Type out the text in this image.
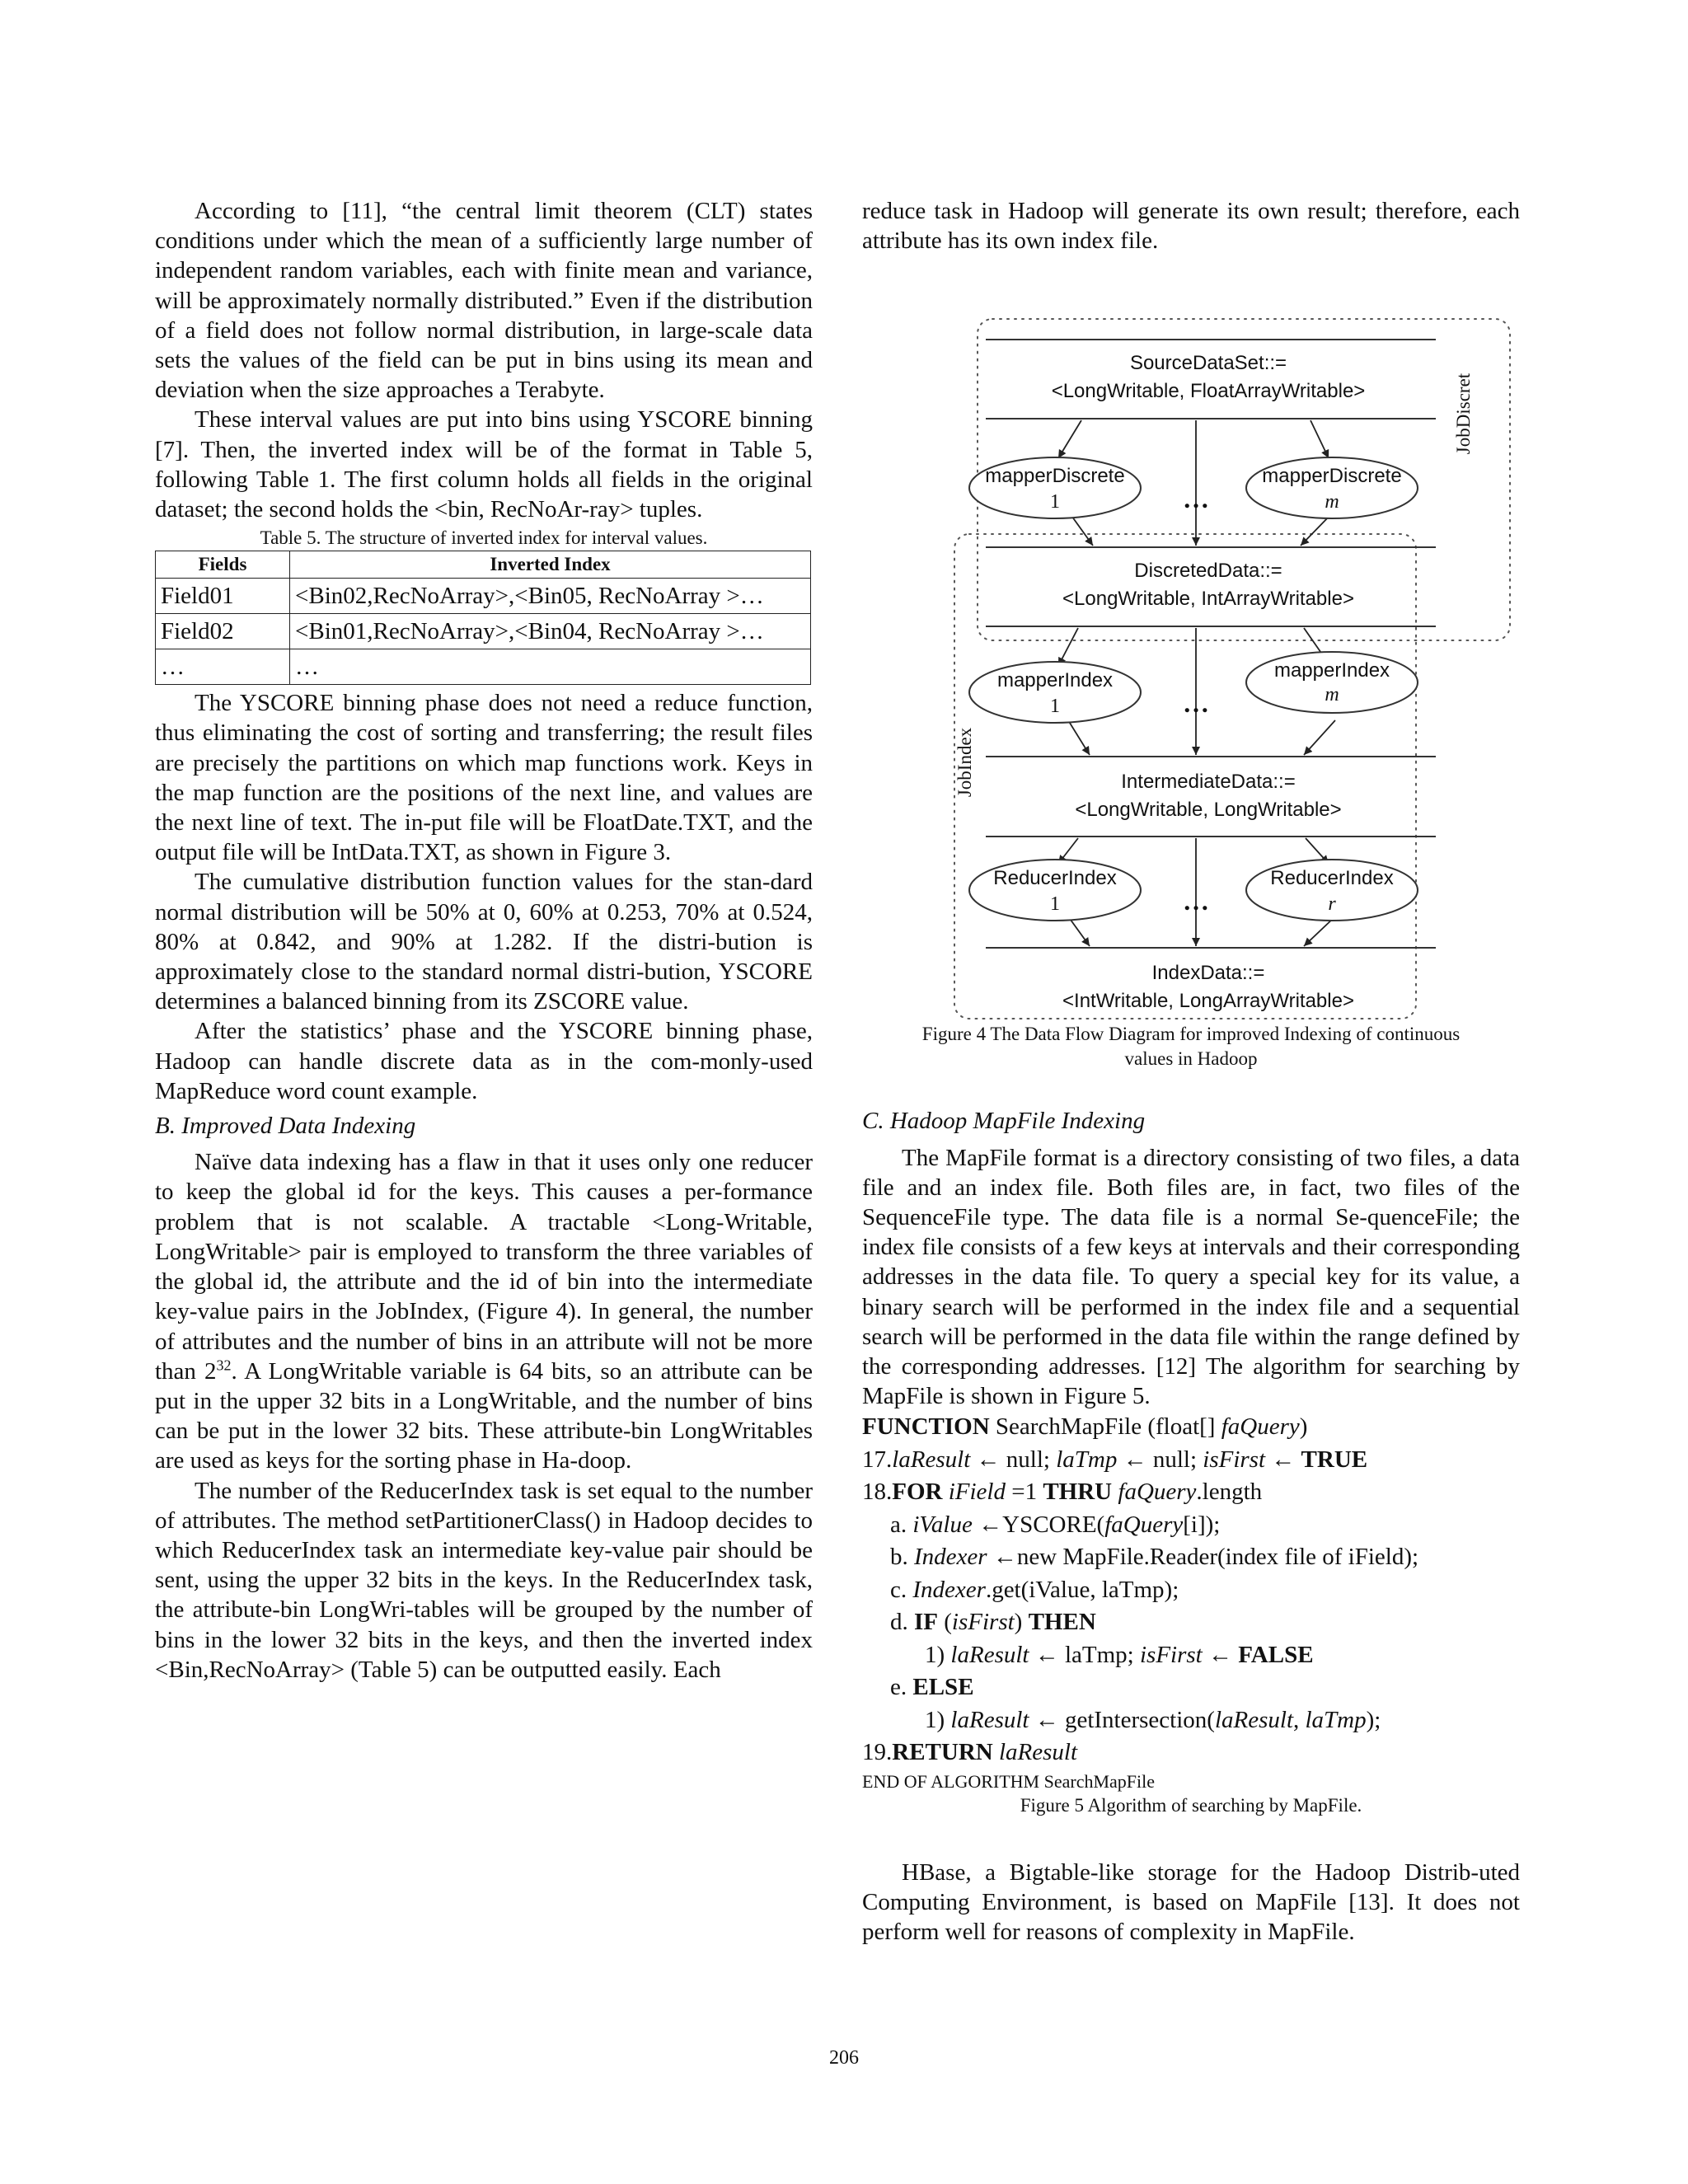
According to [11], “the central limit theorem (CLT) states conditions under which the mean of a sufficiently large number of independent random variables, each with finite mean and variance, will be approximately normally distributed.” Even if the distribution of a field does not follow normal distribution, in large-scale data sets the values of the field can be put in bins using its mean and deviation when the size approaches a Terabyte.

These interval values are put into bins using YSCORE binning [7]. Then, the inverted index will be of the format in Table 5, following Table 1. The first column holds all fields in the original dataset; the second holds the <bin, RecNoAr-ray> tuples.

Table 5. The structure of inverted index for interval values.
Fields	Inverted Index
Field01	<Bin02,RecNoArray>,<Bin05, RecNoArray >…
Field02	<Bin01,RecNoArray>,<Bin04, RecNoArray >…
…	…

The YSCORE binning phase does not need a reduce function, thus eliminating the cost of sorting and transferring; the result files are precisely the partitions on which map functions work. Keys in the map function are the positions of the next line, and values are the next line of text. The in-put file will be FloatDate.TXT, and the output file will be IntData.TXT, as shown in Figure 3.

The cumulative distribution function values for the stan-dard normal distribution will be 50% at 0, 60% at 0.253, 70% at 0.524, 80% at 0.842, and 90% at 1.282. If the distri-bution is approximately close to the standard normal distri-bution, YSCORE determines a balanced binning from its ZSCORE value.

After the statistics’ phase and the YSCORE binning phase, Hadoop can handle discrete data as in the com-monly-used MapReduce word count example.

B. Improved Data Indexing

Naïve data indexing has a flaw in that it uses only one reducer to keep the global id for the keys. This causes a per-formance problem that is not scalable. A tractable <Long-Writable, LongWritable> pair is employed to transform the three variables of the global id, the attribute and the id of bin into the intermediate key-value pairs in the JobIndex, (Figure 4). In general, the number of attributes and the number of bins in an attribute will not be more than $2^{32}$. A LongWritable variable is 64 bits, so an attribute can be put in the upper 32 bits in a LongWritable, and the number of bins can be put in the lower 32 bits. These attribute-bin LongWritables are used as keys for the sorting phase in Ha-doop.

The number of the ReducerIndex task is set equal to the number of attributes. The method setPartitionerClass() in Hadoop decides to which ReducerIndex task an intermediate key-value pair should be sent, using the upper 32 bits in the keys. In the ReducerIndex task, the attribute-bin LongWri-tables will be grouped by the number of bins in the lower 32 bits in the keys, and then the inverted index <Bin,RecNoArray> (Table 5) can be outputted easily. Each

reduce task in Hadoop will generate its own result; therefore, each attribute has its own index file.

SourceDataSet::=
<LongWritable, FloatArrayWritable>
mapperDiscrete	mapperDiscrete
DiscretedData::=
<LongWritable, IntArrayWritable>
mapperIndex	mapperIndex
IntermediateData::=
<LongWritable, LongWritable>
ReducerIndex	ReducerIndex
IndexData::=
<IntWritable, LongArrayWritable>
1	m
1
m
1	r
…
…
…
JobDiscret
JobIndex
Figure 4 The Data Flow Diagram for improved Indexing of continuous
values in Hadoop
C. Hadoop MapFile Indexing

The MapFile format is a directory consisting of two files, a data file and an index file. Both files are, in fact, two files of the SequenceFile type. The data file is a normal Se-quenceFile; the index file consists of a few keys at intervals and their corresponding addresses in the data file. To query a special key for its value, a binary search will be performed in the index file and a sequential search will be performed in the data file within the range defined by the corresponding addresses. [12] The algorithm for searching by MapFile is shown in Figure 5.

FUNCTION SearchMapFile (float[] faQuery)
17.laResult ← null; laTmp ← null; isFirst ← TRUE
18.FOR iField =1 THRU faQuery.length
a. iValue ←YSCORE(faQuery[i]);
b. Indexer ←new MapFile.Reader(index file of iField);
c. Indexer.get(iValue, laTmp);
d. IF (isFirst) THEN
1) laResult ← laTmp; isFirst ← FALSE
e. ELSE
1) laResult ← getIntersection(laResult, laTmp);
19.RETURN laResult
END OF ALGORITHM SearchMapFile
Figure 5 Algorithm of searching by MapFile.

HBase, a Bigtable-like storage for the Hadoop Distrib-uted Computing Environment, is based on MapFile [13]. It does not perform well for reasons of complexity in MapFile.

206
